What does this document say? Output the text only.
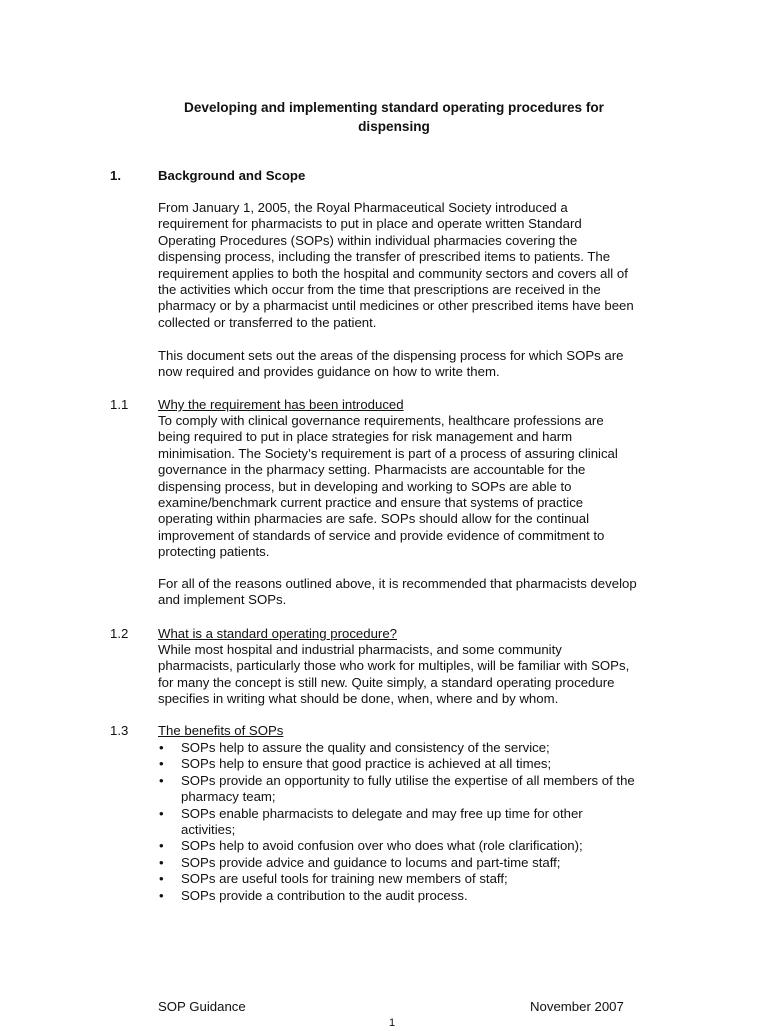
Developing and implementing standard operating procedures for
dispensing
1.	Background and Scope
From January 1, 2005, the Royal Pharmaceutical Society introduced a
requirement for pharmacists to put in place and operate written Standard
Operating Procedures (SOPs) within individual pharmacies covering the
dispensing process, including the transfer of prescribed items to patients. The
requirement applies to both the hospital and community sectors and covers all of
the activities which occur from the time that prescriptions are received in the
pharmacy or by a pharmacist until medicines or other prescribed items have been
collected or transferred to the patient.
This document sets out the areas of the dispensing process for which SOPs are
now required and provides guidance on how to write them.
1.1 Why the requirement has been introduced
To comply with clinical governance requirements, healthcare professions are
being required to put in place strategies for risk management and harm
minimisation. The Society’s requirement is part of a process of assuring clinical
governance in the pharmacy setting. Pharmacists are accountable for the
dispensing process, but in developing and working to SOPs are able to
examine/benchmark current practice and ensure that systems of practice
operating within pharmacies are safe. SOPs should allow for the continual
improvement of standards of service and provide evidence of commitment to
protecting patients.
For all of the reasons outlined above, it is recommended that pharmacists develop
and implement SOPs.
1.2 What is a standard operating procedure?
While most hospital and industrial pharmacists, and some community
pharmacists, particularly those who work for multiples, will be familiar with SOPs,
for many the concept is still new. Quite simply, a standard operating procedure
specifies in writing what should be done, when, where and by whom.
1.3 The benefits of SOPs
• SOPs help to assure the quality and consistency of the service;
• SOPs help to ensure that good practice is achieved at all times;
• SOPs provide an opportunity to fully utilise the expertise of all members of the
pharmacy team;
• SOPs enable pharmacists to delegate and may free up time for other
activities;
• SOPs help to avoid confusion over who does what (role clarification);
• SOPs provide advice and guidance to locums and part-time staff;
• SOPs are useful tools for training new members of staff;
• SOPs provide a contribution to the audit process.
SOP Guidance	November 2007
1
